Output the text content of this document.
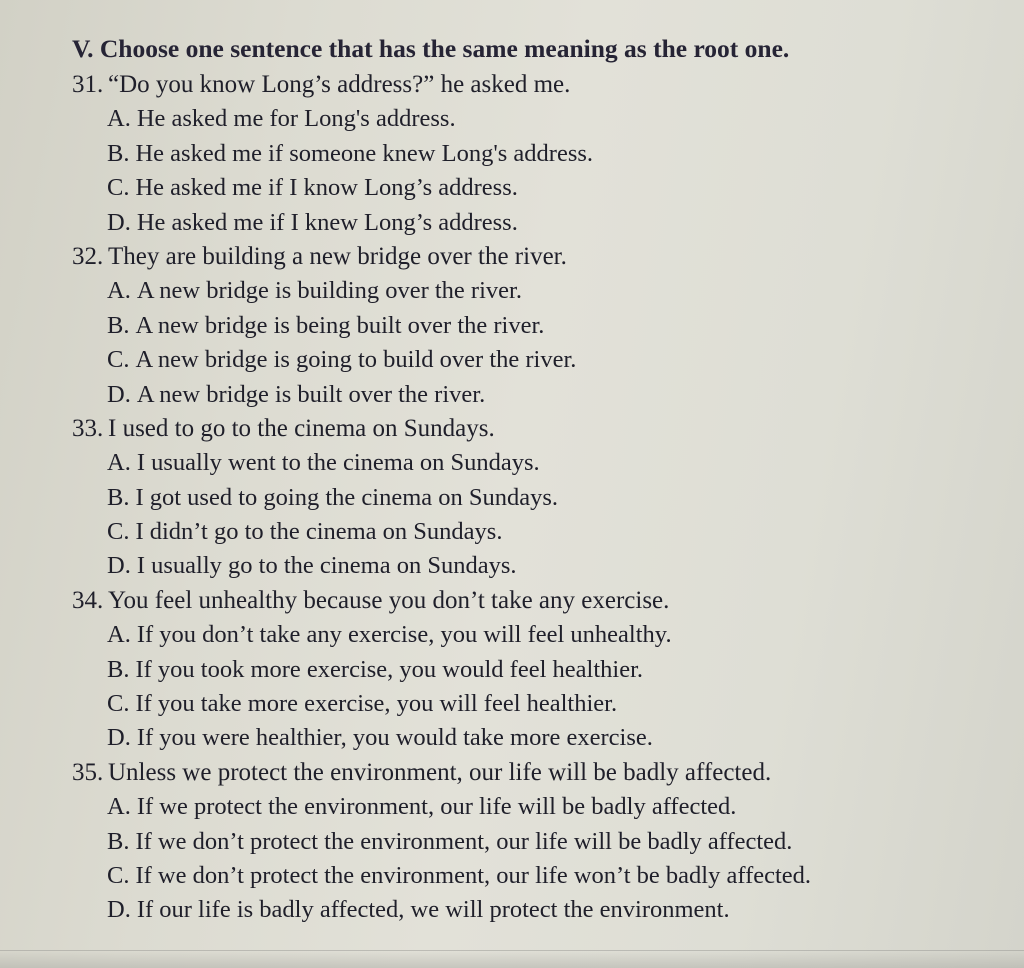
V. Choose one sentence that has the same meaning as the root one.
31. “Do you know Long’s address?” he asked me.
A. He asked me for Long's address.
B. He asked me if someone knew Long's address.
C. He asked me if I know Long’s address.
D. He asked me if I knew Long’s address.
32. They are building a new bridge over the river.
A. A new bridge is building over the river.
B. A new bridge is being built over the river.
C. A new bridge is going to build over the river.
D. A new bridge is built over the river.
33. I used to go to the cinema on Sundays.
A. I usually went to the cinema on Sundays.
B. I got used to going the cinema on Sundays.
C. I didn’t go to the cinema on Sundays.
D. I usually go to the cinema on Sundays.
34. You feel unhealthy because you don’t take any exercise.
A. If you don’t take any exercise, you will feel unhealthy.
B. If you took more exercise, you would feel healthier.
C. If you take more exercise, you will feel healthier.
D. If you were healthier, you would take more exercise.
35. Unless we protect the environment, our life will be badly affected.
A. If we protect the environment, our life will be badly affected.
B. If we don’t protect the environment, our life will be badly affected.
C. If we don’t protect the environment, our life won’t be badly affected.
D. If our life is badly affected, we will protect the environment.
